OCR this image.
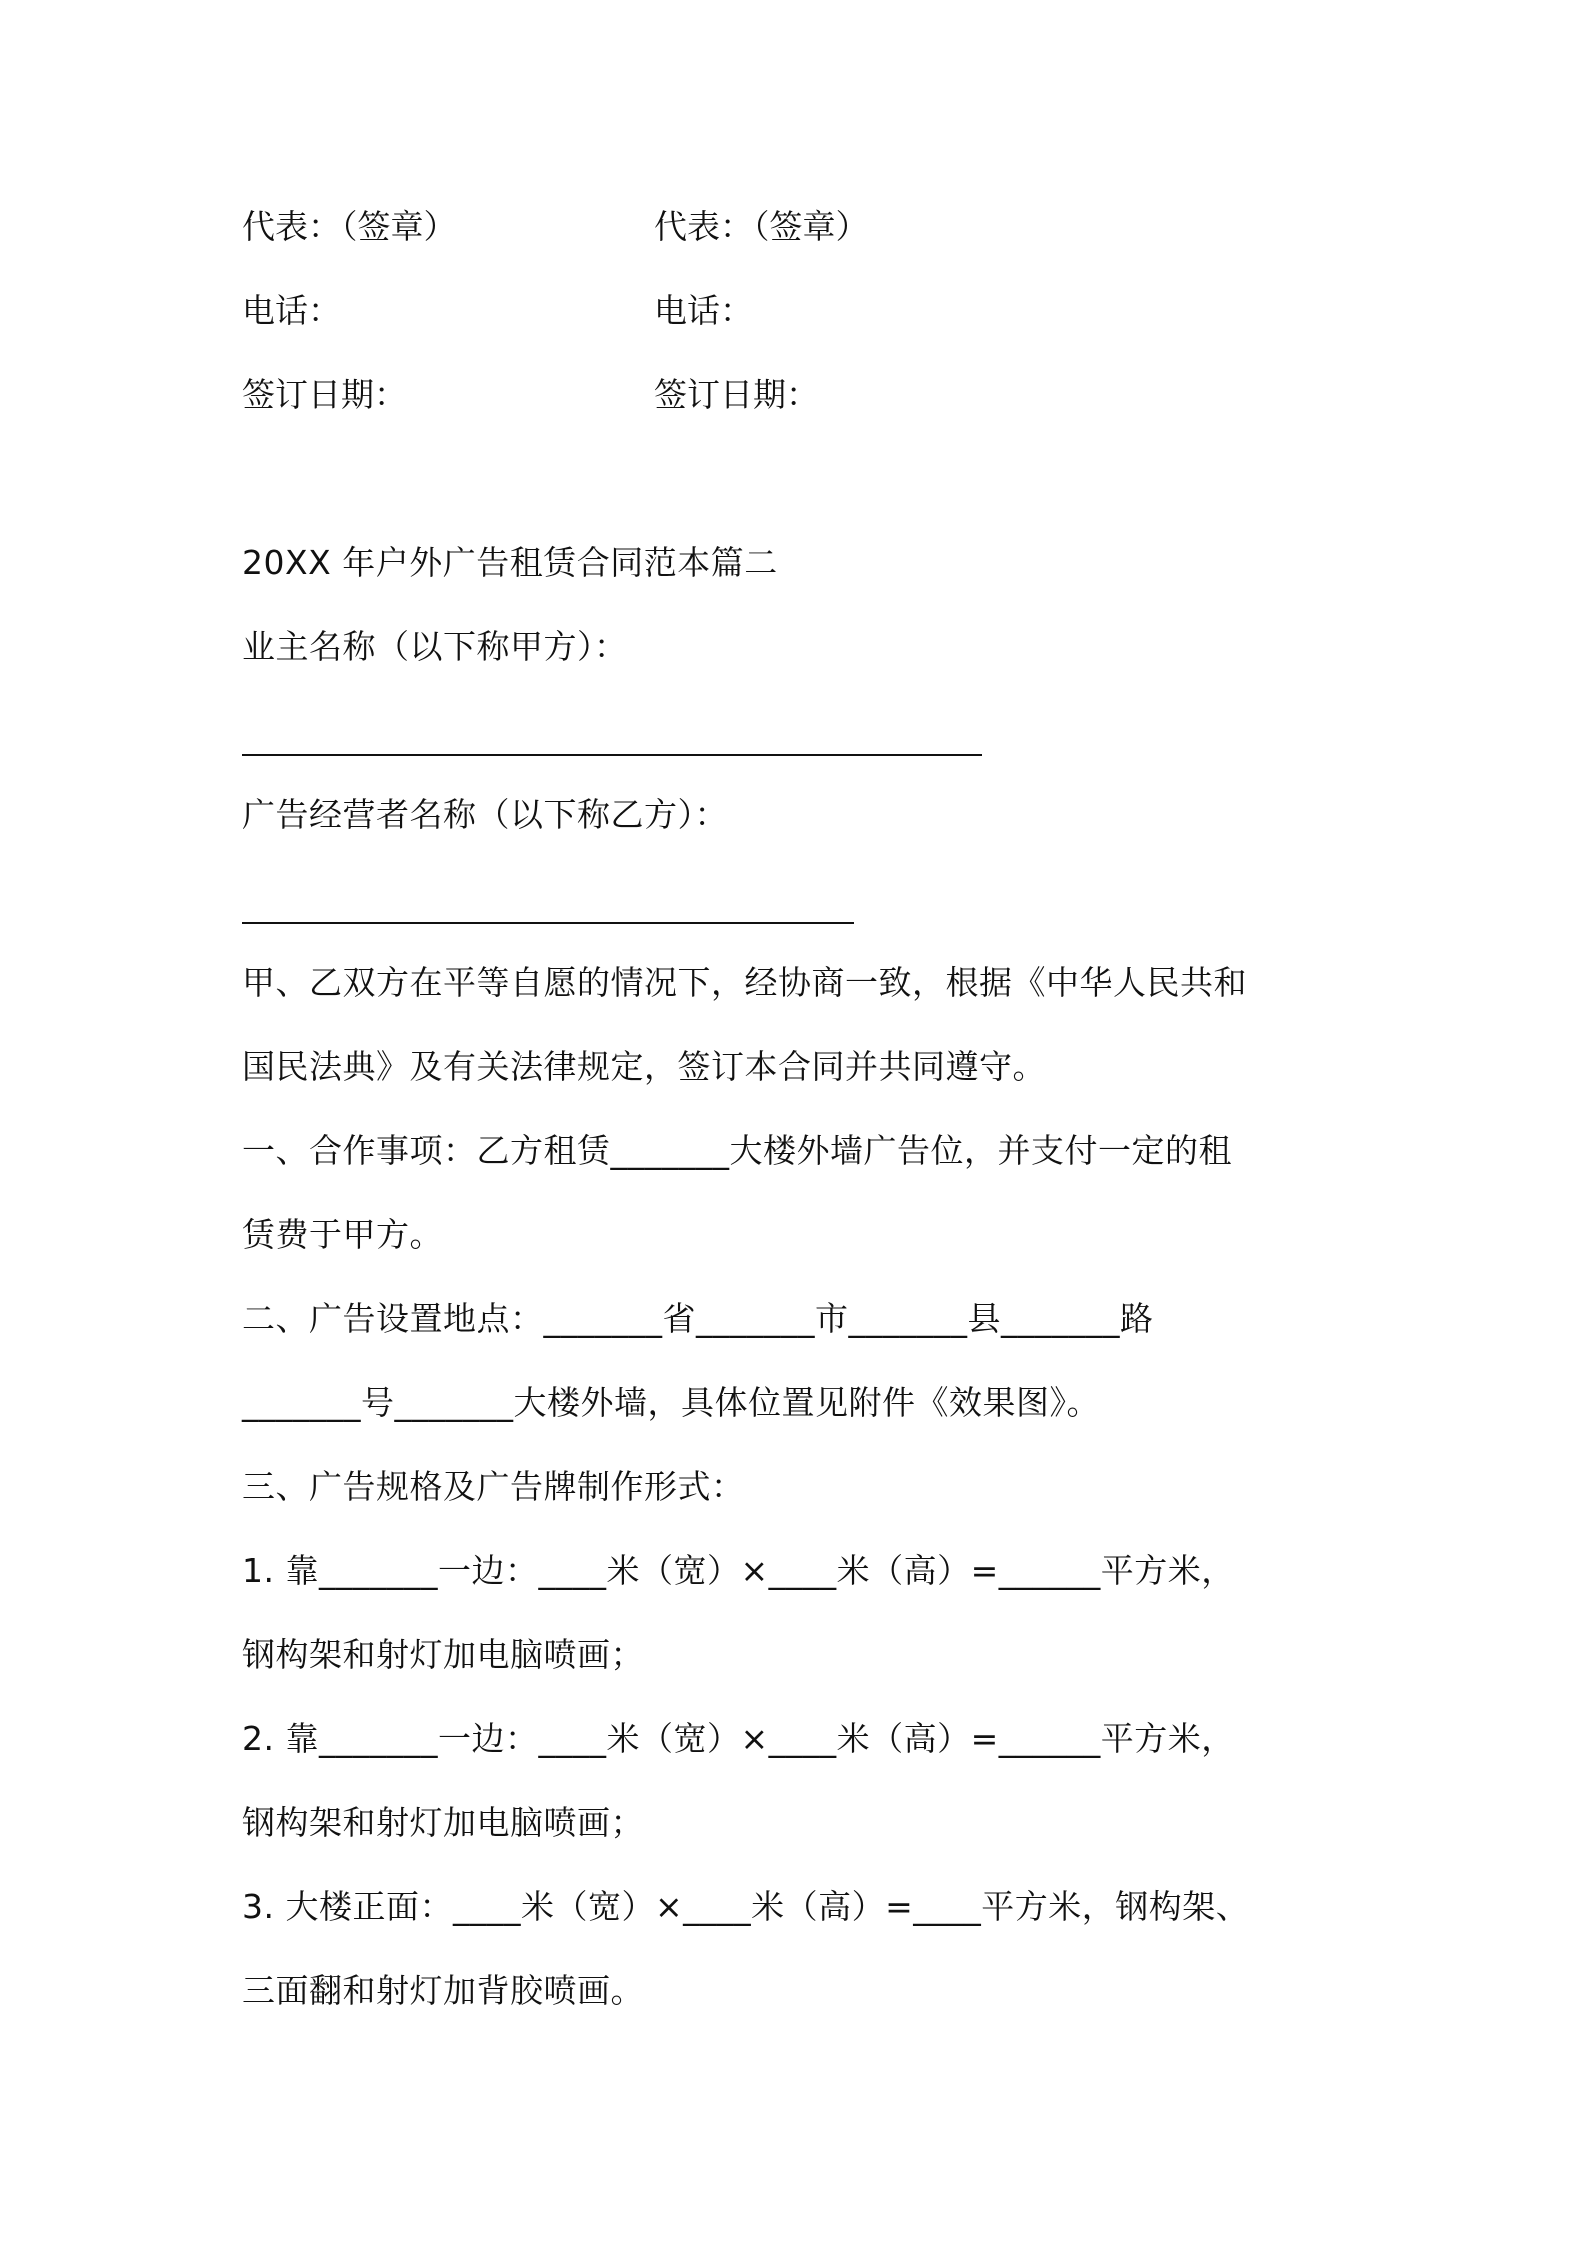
代表：（签章）	代表：（签章）
电话：	电话：
签订日期：	签订日期：
20XX 年户外广告租赁合同范本篇二
业主名称（以下称甲方）：
广告经营者名称（以下称乙方）：
甲、乙双方在平等自愿的情况下，经协商一致，根据《中华人民共和
国民法典》及有关法律规定，签订本合同并共同遵守。
一、合作事项：乙方租赁_______大楼外墙广告位，并支付一定的租
赁费于甲方。
二、广告设置地点：_______省_______市_______县_______路
_______号_______大楼外墙，具体位置见附件《效果图》。
三、广告规格及广告牌制作形式：
1. 靠_______一边：____米（宽）×____米（高）=______平方米，
钢构架和射灯加电脑喷画；
2. 靠_______一边：____米（宽）×____米（高）=______平方米，
钢构架和射灯加电脑喷画；
3. 大楼正面：____米（宽）×____米（高）=____平方米，钢构架、
三面翻和射灯加背胶喷画。
